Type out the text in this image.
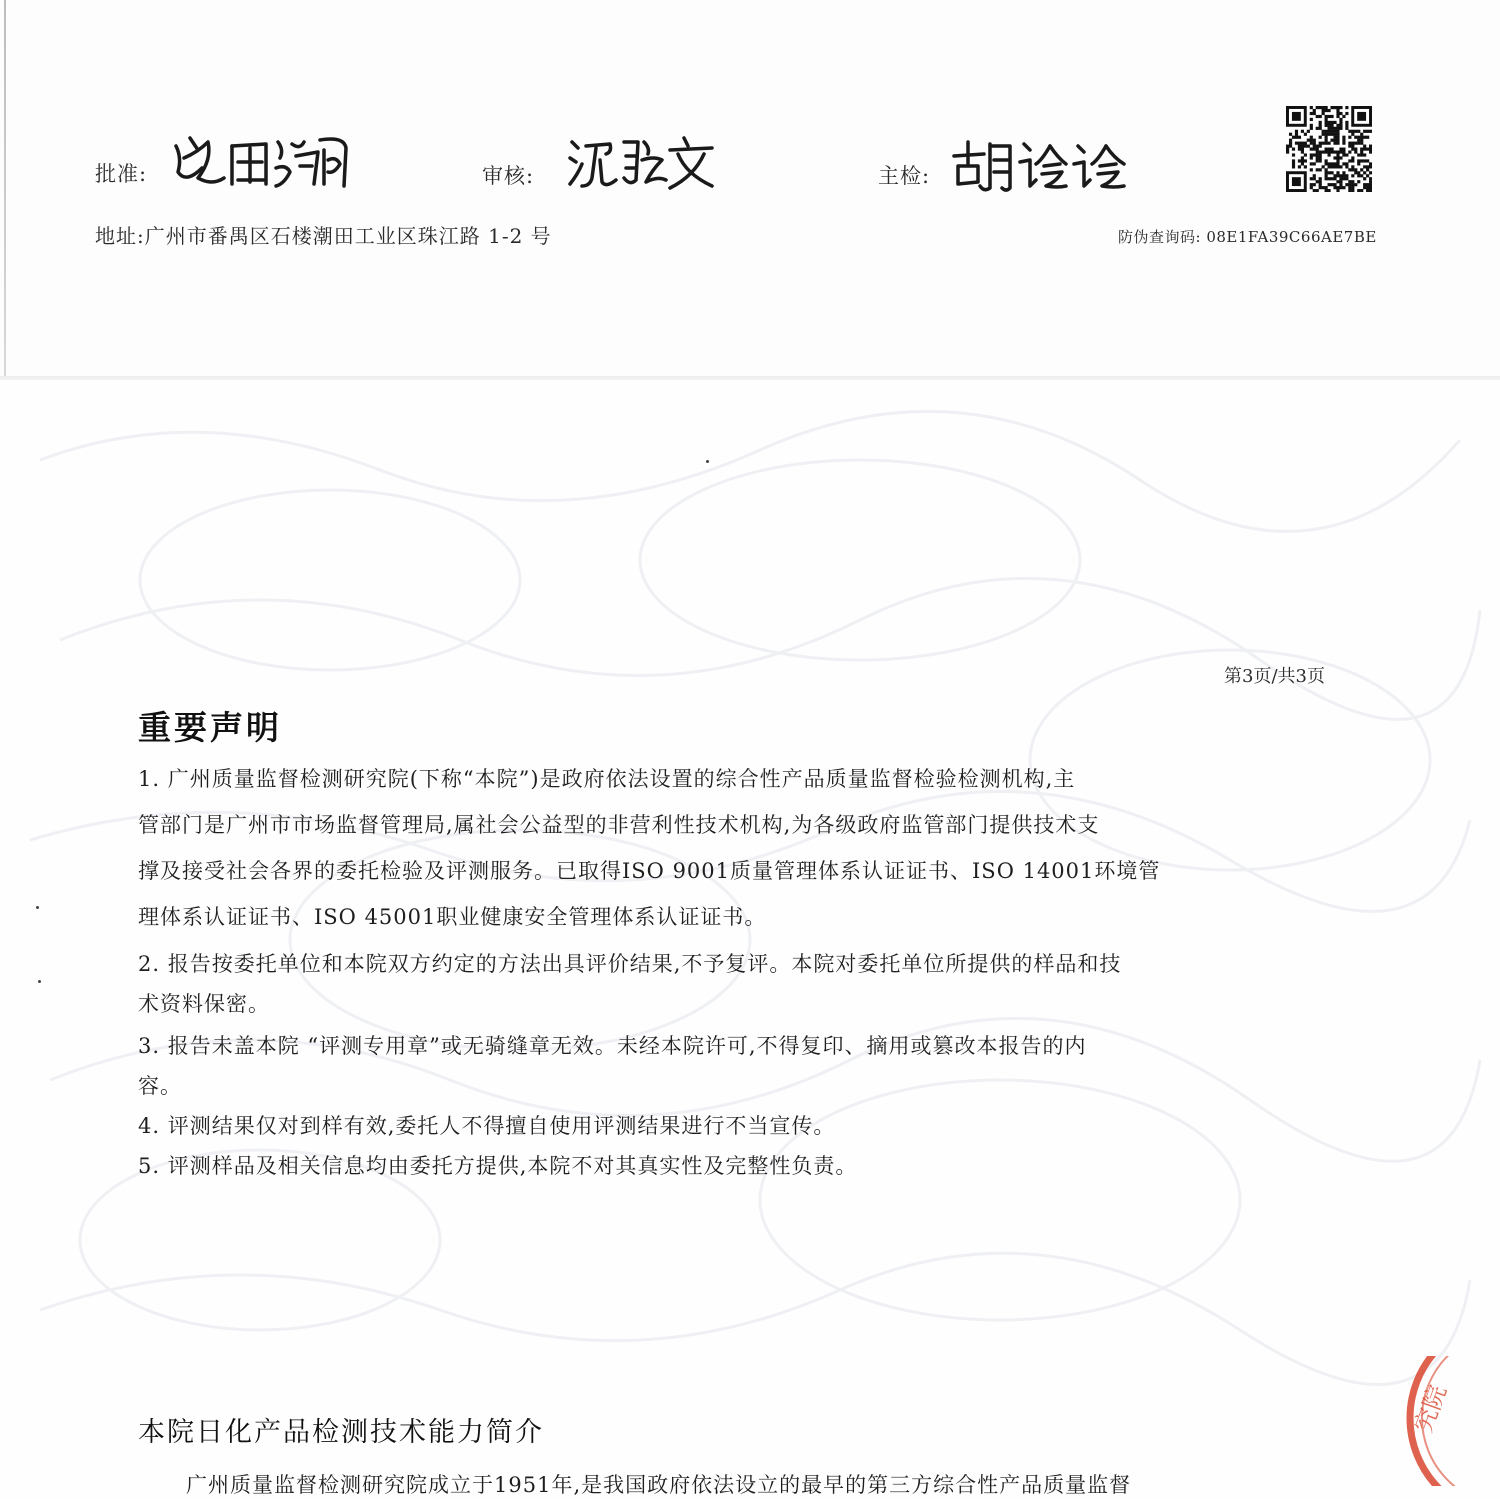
批准:	审核:	主检:
地址:广州市番禺区石楼潮田工业区珠江路 1-2 号	防伪查询码: 08E1FA39C66AE7BE
第3页/共3页
重要声明
1. 广州质量监督检测研究院(下称“本院”)是政府依法设置的综合性产品质量监督检验检测机构,主
管部门是广州市市场监督管理局,属社会公益型的非营利性技术机构,为各级政府监管部门提供技术支
撑及接受社会各界的委托检验及评测服务。已取得ISO 9001质量管理体系认证证书、ISO 14001环境管
理体系认证证书、ISO 45001职业健康安全管理体系认证证书。
2. 报告按委托单位和本院双方约定的方法出具评价结果,不予复评。本院对委托单位所提供的样品和技
术资料保密。
3. 报告未盖本院 “评测专用章”或无骑缝章无效。未经本院许可,不得复印、摘用或篡改本报告的内
容。
4. 评测结果仅对到样有效,委托人不得擅自使用评测结果进行不当宣传。
5. 评测样品及相关信息均由委托方提供,本院不对其真实性及完整性负责。
本院日化产品检测技术能力简介
广州质量监督检测研究院成立于1951年,是我国政府依法设立的最早的第三方综合性产品质量监督
究院
